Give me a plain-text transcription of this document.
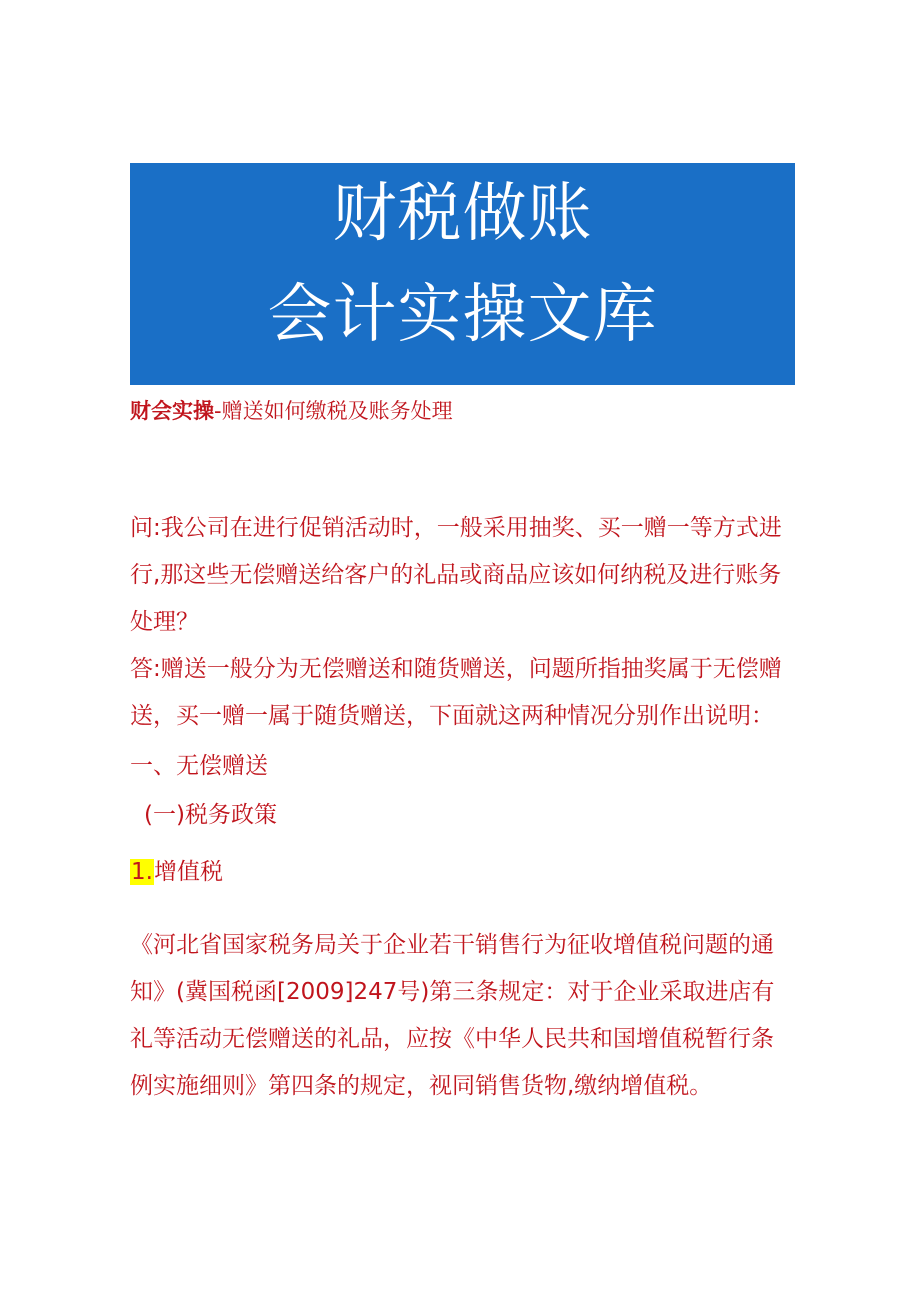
财税做账
会计实操文库
财会实操-赠送如何缴税及账务处理

问:我公司在进行促销活动时，一般采用抽奖、买一赠一等方式进行,那这些无偿赠送给客户的礼品或商品应该如何纳税及进行账务处理？

答:赠送一般分为无偿赠送和随货赠送，问题所指抽奖属于无偿赠送，买一赠一属于随货赠送，下面就这两种情况分别作出说明：

一、无偿赠送
(一)税务政策
1.增值税

《河北省国家税务局关于企业若干销售行为征收增值税问题的通知》(冀国税函[2009]247号)第三条规定：对于企业采取进店有礼等活动无偿赠送的礼品，应按《中华人民共和国增值税暂行条例实施细则》第四条的规定，视同销售货物,缴纳增值税。
